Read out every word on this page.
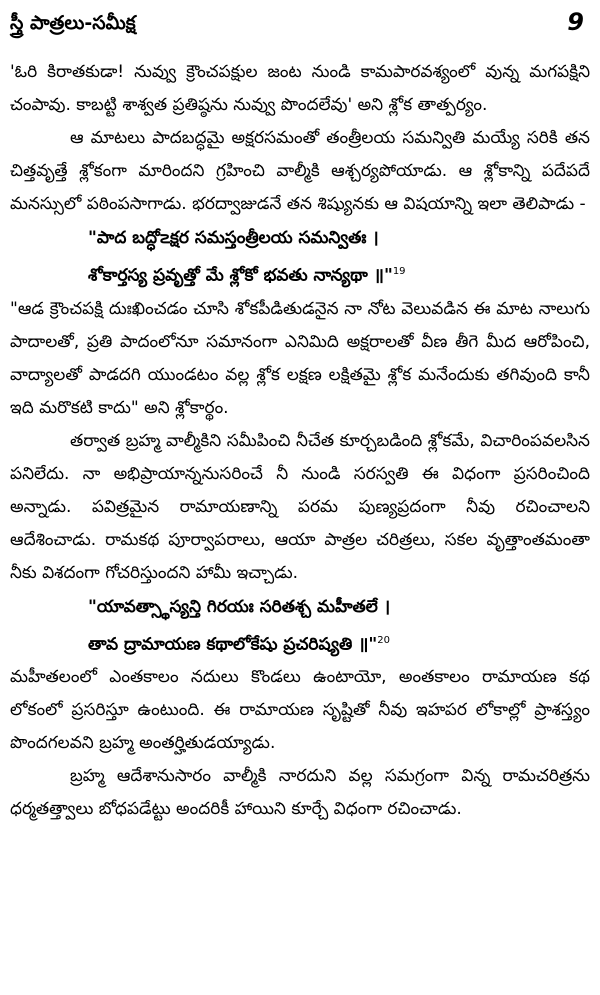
స్త్రీ పాత్రలు-సమీక్ష	9

'ఓరి కిరాతకుడా! నువ్వు క్రౌంచపక్షుల జంట నుండి కామపారవశ్యంలో వున్న మగపక్షిని చంపావు. కాబట్టి శాశ్వత ప్రతిష్ఠను నువ్వు పొందలేవు' అని శ్లోక తాత్పర్యం.

ఆ మాటలు పాదబద్ధమై అక్షరసమంతో తంత్రీలయ సమన్వితి మయ్యే సరికి తన చిత్తవృత్తే శ్లోకంగా మారిందని గ్రహించి వాల్మీకి ఆశ్చర్యపోయాడు. ఆ శ్లోకాన్ని పదేపదే మనస్సులో పఠింపసాగాడు. భరద్వాజుడనే తన శిష్యునకు ఆ విషయాన్ని ఇలా తెలిపాడు -

"పాద బద్ధో౽క్షర సమస్తంత్రీలయ సమన్వితః ।
శోకార్తస్య ప్రవృత్తో మే శ్లోకో భవతు నాన్యథా ॥"$^{19}$

"ఆడ క్రౌంచపక్షి దుఃఖించడం చూసి శోకపీడితుడనైన నా నోట వెలువడిన ఈ మాట నాలుగు పాదాలతో, ప్రతి పాదంలోనూ సమానంగా ఎనిమిది అక్షరాలతో వీణ తీగె మీద ఆరోపించి, వాద్యాలతో పాడదగి యుండటం వల్ల శ్లోక లక్షణ లక్షితమై శ్లోక మనేందుకు తగివుంది కానీ ఇది మరొకటి కాదు" అని శ్లోకార్థం.

తర్వాత బ్రహ్మ వాల్మీకిని సమీపించి నీచేత కూర్చబడింది శ్లోకమే, విచారింపవలసిన పనిలేదు. నా అభిప్రాయాన్ననుసరించే నీ నుండి సరస్వతి ఈ విధంగా ప్రసరించింది అన్నాడు. పవిత్రమైన రామాయణాన్ని పరమ పుణ్యప్రదంగా నీవు రచించాలని ఆదేశించాడు. రామకథ పూర్వాపరాలు, ఆయా పాత్రల చరిత్రలు, సకల వృత్తాంతమంతా నీకు విశదంగా గోచరిస్తుందని హామీ ఇచ్చాడు.

"యావత్స్థాస్యన్తి గిరయః సరితశ్చ మహీతలే ।
తావ ద్రామాయణ కథాలోకేషు ప్రచరిష్యతి ॥"$^{20}$

మహీతలంలో ఎంతకాలం నదులు కొండలు ఉంటాయో, అంతకాలం రామాయణ కథ లోకంలో ప్రసరిస్తూ ఉంటుంది. ఈ రామాయణ సృష్టితో నీవు ఇహపర లోకాల్లో ప్రాశస్త్యం పొందగలవని బ్రహ్మ అంతర్హితుడయ్యాడు.

బ్రహ్మ ఆదేశానుసారం వాల్మీకి నారదుని వల్ల సమగ్రంగా విన్న రామచరిత్రను ధర్మతత్త్వాలు బోధపడేట్టు అందరికీ హాయిని కూర్చే విధంగా రచించాడు.
